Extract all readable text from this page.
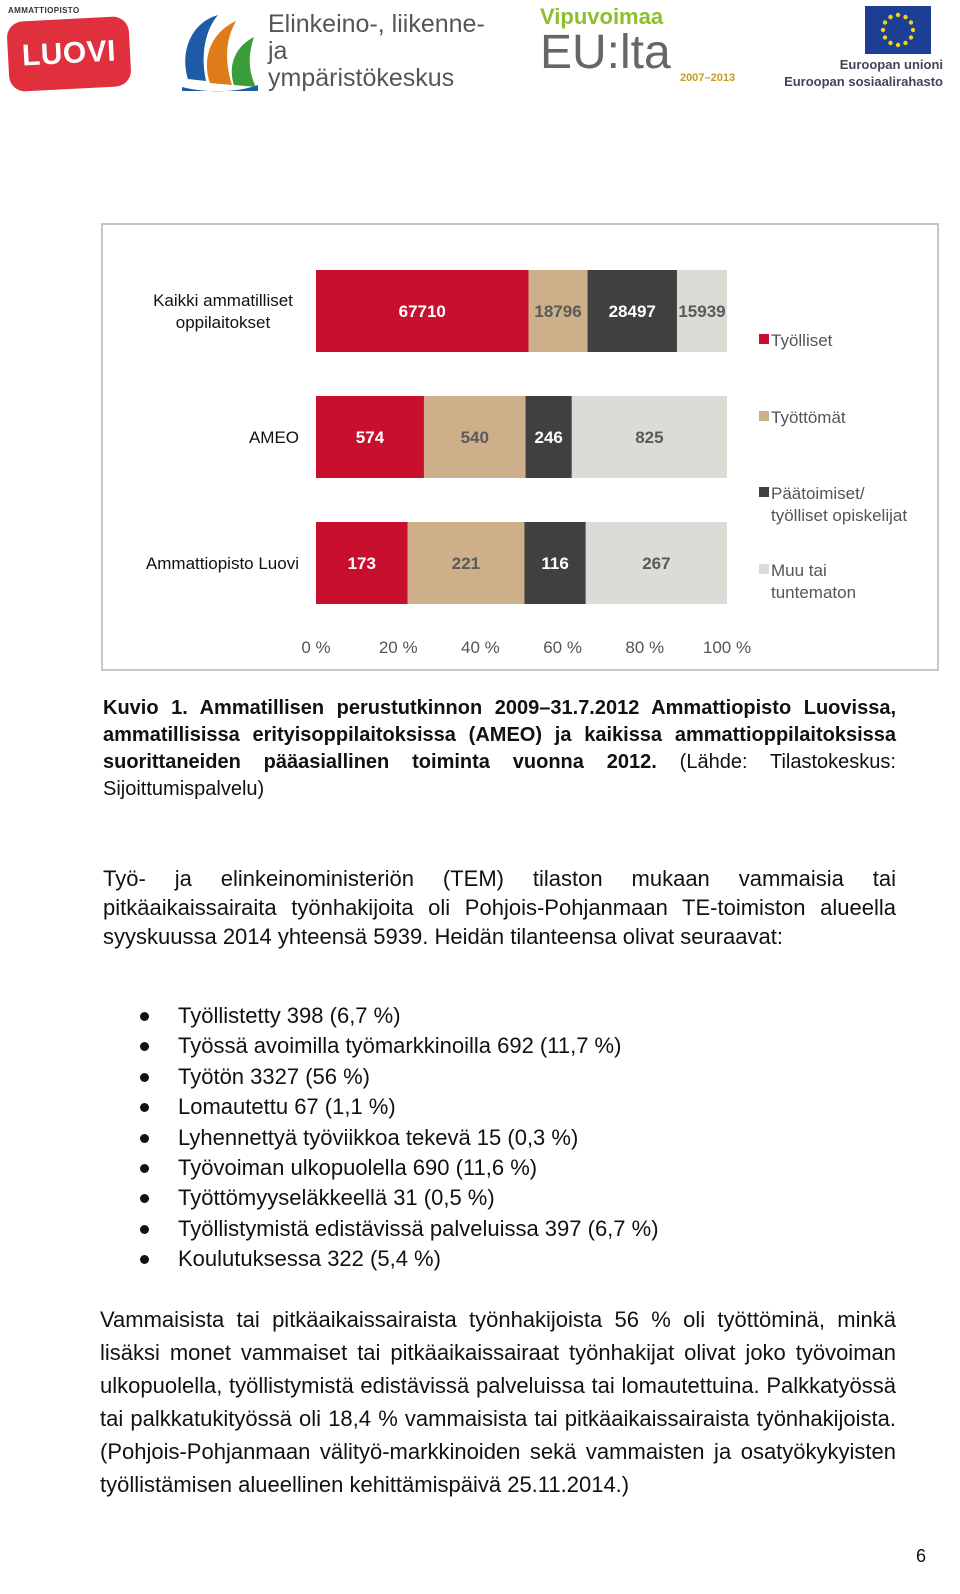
AMMATTIOPISTO
LUOVI
Elinkeino-, liikenne- ja
ympäristökeskus
Vipuvoimaa
EU:lta 2007–2013
Euroopan unioni
Euroopan sosiaalirahasto
Kaikki ammatilliset oppilaitokset
AMEO
Ammattiopisto Luovi
67710	18796 28497 15939
574	540	246	825
173	221	116	267
0 %	20 %	40 %	60 %	80 % 100 %
Työlliset
Työttömät
Päätoimiset/ työlliset opiskelijat
Muu tai tuntematon
Kuvio 1. Ammatillisen perustutkinnon 2009–31.7.2012 Ammattiopisto Luovissa, ammatillisissa erityisoppilaitoksissa (AMEO) ja kaikissa ammattioppilaitoksissa suorittaneiden pääasiallinen toiminta vuonna 2012. (Lähde: Tilastokeskus: Sijoittumispalvelu)
Työ- ja elinkeinoministeriön (TEM) tilaston mukaan vammaisia tai pitkäaikaissairaita työnhakijoita oli Pohjois-Pohjanmaan TE-toimiston alueella syyskuussa 2014 yhteensä 5939. Heidän tilanteensa olivat seuraavat:
Työllistetty 398 (6,7 %)
Työssä avoimilla työmarkkinoilla 692 (11,7 %)
Työtön 3327 (56 %)
Lomautettu 67 (1,1 %)
Lyhennettyä työviikkoa tekevä 15 (0,3 %)
Työvoiman ulkopuolella 690 (11,6 %)
Työttömyyseläkkeellä 31 (0,5 %)
Työllistymistä edistävissä palveluissa 397 (6,7 %)
Koulutuksessa 322 (5,4 %)
Vammaisista tai pitkäaikaissairaista työnhakijoista 56 % oli työttöminä, minkä lisäksi monet vammaiset tai pitkäaikaissairaat työnhakijat olivat joko työvoiman ulkopuolella, työllistymistä edistävissä palveluissa tai lomautettuina. Palkkatyössä tai palkkatukityössä oli 18,4 % vammaisista tai pitkäaikaissairaista työnhakijoista. (Pohjois-Pohjanmaan välityö-markkinoiden sekä vammaisten ja osatyökykyisten työllistämisen alueellinen kehittämispäivä 25.11.2014.)
6
